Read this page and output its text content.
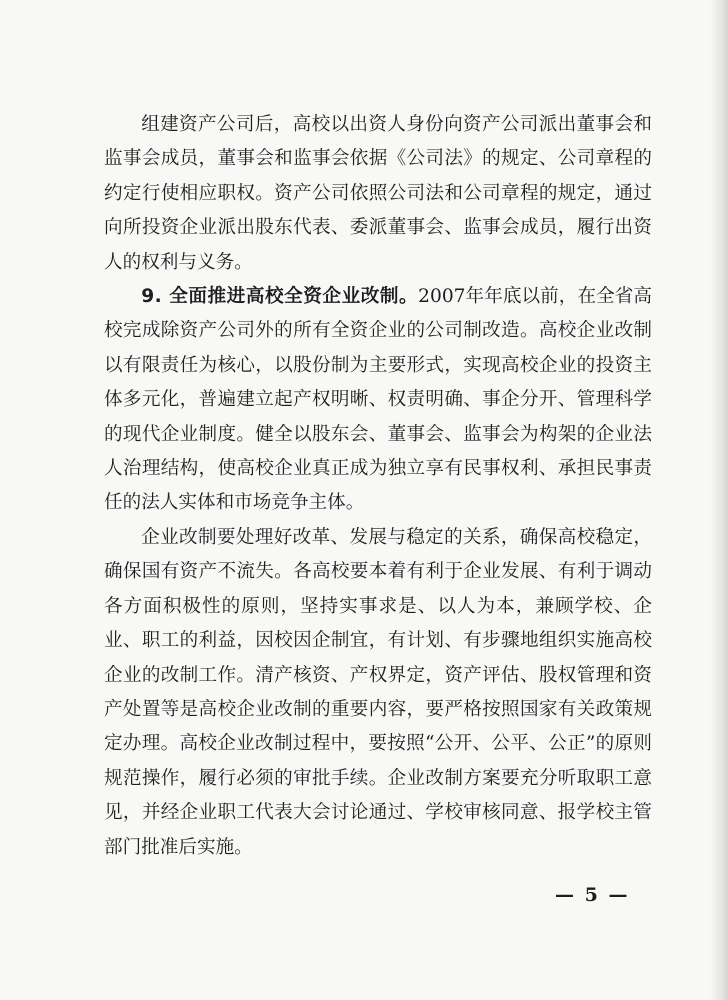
组建资产公司后，高校以出资人身份向资产公司派出董事会和监事会成员，董事会和监事会依据《公司法》的规定、公司章程的约定行使相应职权。资产公司依照公司法和公司章程的规定，通过向所投资企业派出股东代表、委派董事会、监事会成员，履行出资人的权利与义务。

9. 全面推进高校全资企业改制。2007年年底以前，在全省高校完成除资产公司外的所有全资企业的公司制改造。高校企业改制以有限责任为核心，以股份制为主要形式，实现高校企业的投资主体多元化，普遍建立起产权明晰、权责明确、事企分开、管理科学的现代企业制度。健全以股东会、董事会、监事会为构架的企业法人治理结构，使高校企业真正成为独立享有民事权利、承担民事责任的法人实体和市场竞争主体。

企业改制要处理好改革、发展与稳定的关系，确保高校稳定，确保国有资产不流失。各高校要本着有利于企业发展、有利于调动各方面积极性的原则，坚持实事求是、以人为本，兼顾学校、企业、职工的利益，因校因企制宜，有计划、有步骤地组织实施高校企业的改制工作。清产核资、产权界定，资产评估、股权管理和资产处置等是高校企业改制的重要内容，要严格按照国家有关政策规定办理。高校企业改制过程中，要按照“公开、公平、公正”的原则规范操作，履行必须的审批手续。企业改制方案要充分听取职工意见，并经企业职工代表大会讨论通过、学校审核同意、报学校主管部门批准后实施。

— 5 —
